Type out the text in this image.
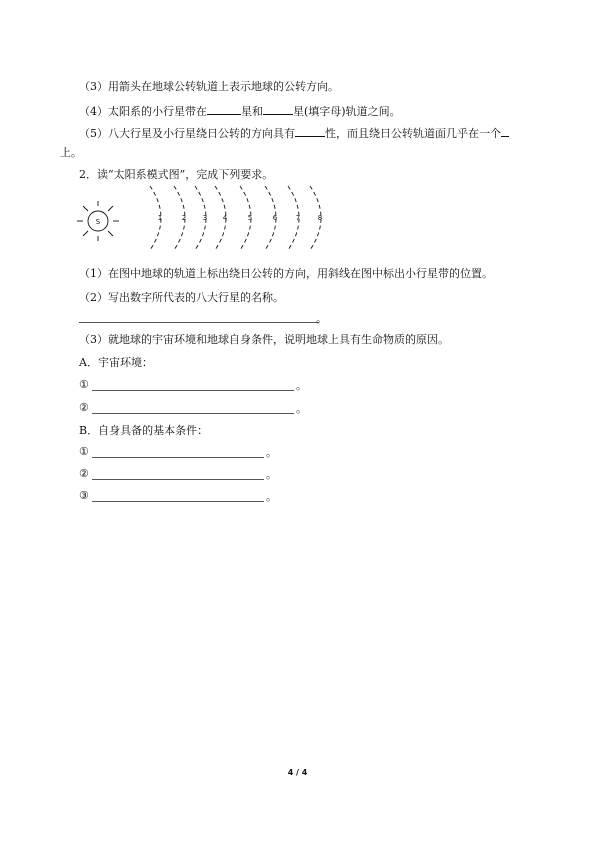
（3）用箭头在地球公转轨道上表示地球的公转方向。
（4）太阳系的小行星带在	星和	星(填字母)轨道之间。
（5）八大行星及小行星绕日公转的方向具有	性，而且绕日公转轨道面几乎在一个
上。
2．读“太阳系模式图”，完成下列要求。
S	1	2 3 4	5	6	7	8
（1）在图中地球的轨道上标出绕日公转的方向，用斜线在图中标出小行星带的位置。
（2）写出数字所代表的八大行星的名称。
。
（3）就地球的宇宙环境和地球自身条件，说明地球上具有生命物质的原因。
A．宇宙环境：
①	。
②	。
B．自身具备的基本条件：
①	。
②	。
③	。
4 / 4
